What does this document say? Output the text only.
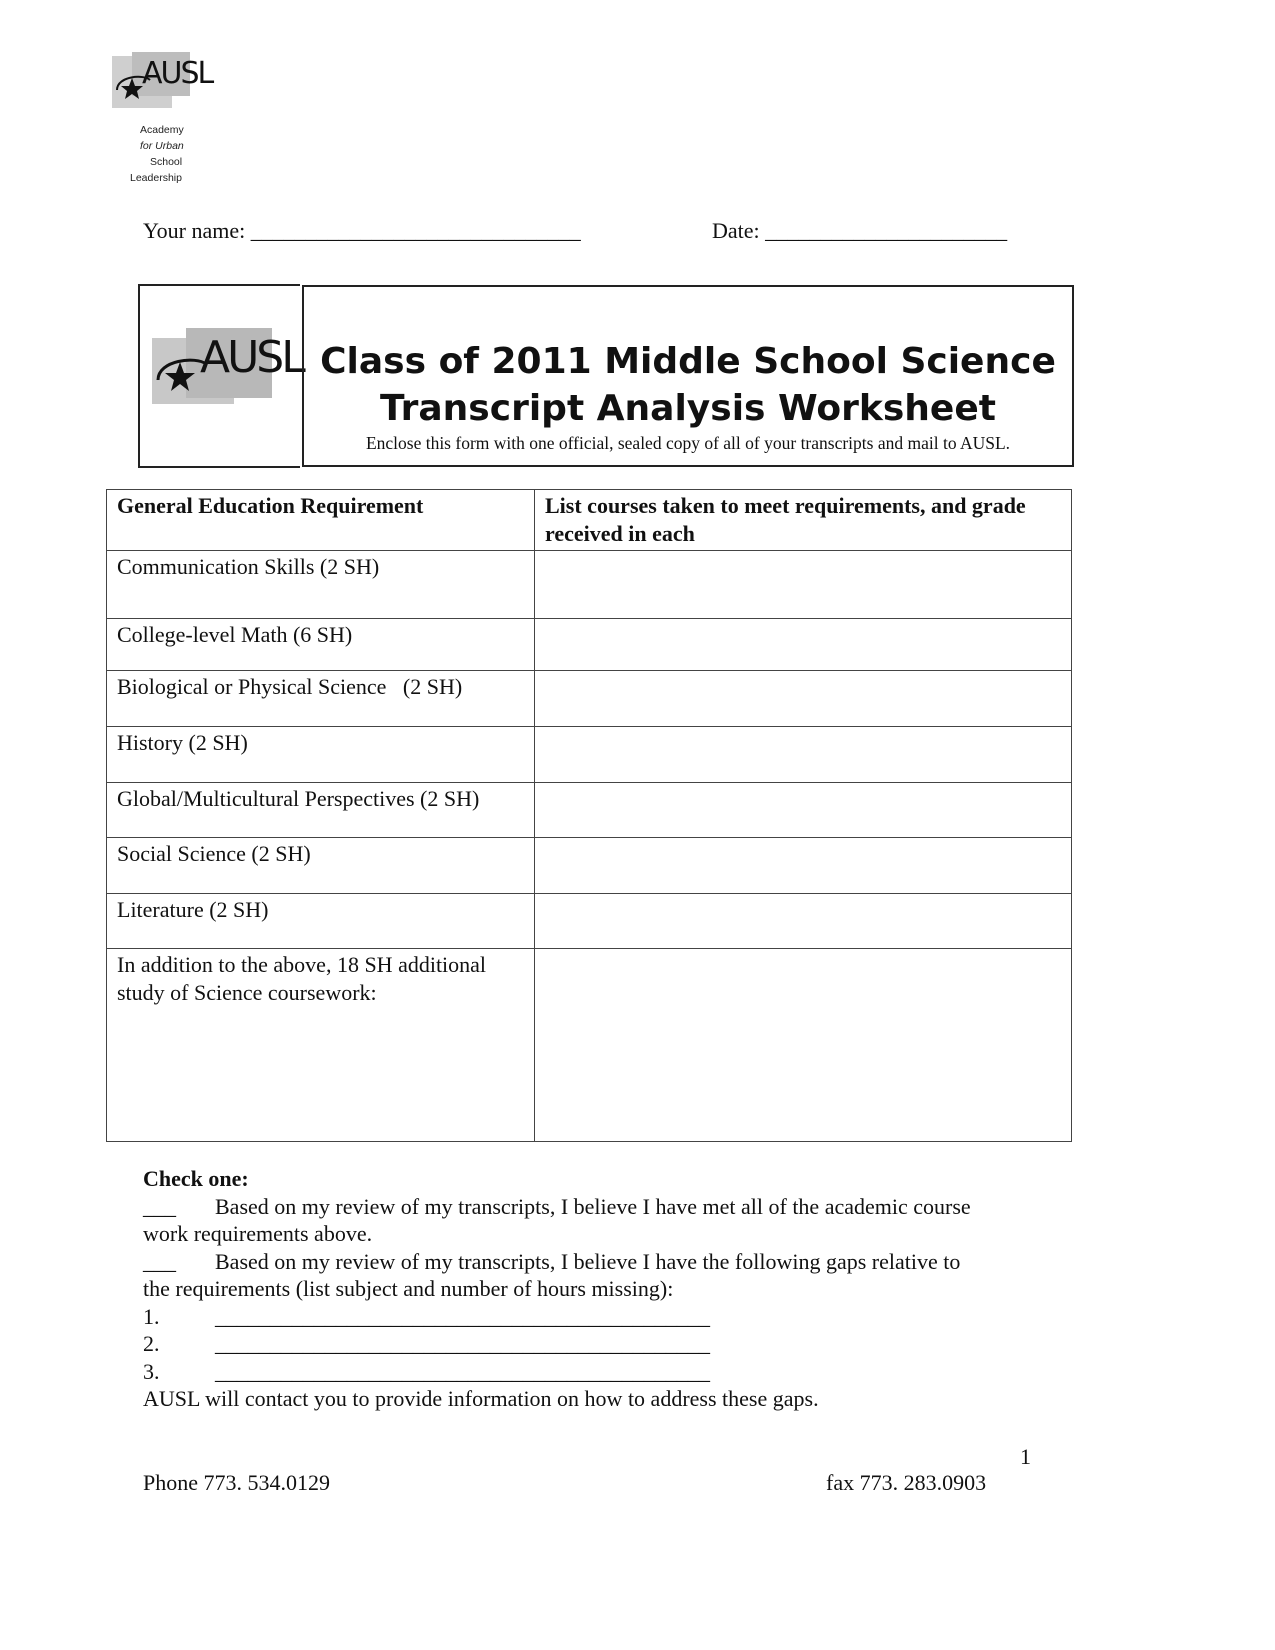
AUSL
Academy
for Urban
School
Leadership
Your name: ______________________________	Date: ______________________
AUSL Class of 2011 Middle School Science
Transcript Analysis Worksheet
Enclose this form with one official, sealed copy of all of your transcripts and mail to AUSL.
General Education Requirement	List courses taken to meet requirements, and grade received in each
Communication Skills (2 SH)	
College-level Math (6 SH)	
Biological or Physical Science   (2 SH)	
History (2 SH)	
Global/Multicultural Perspectives (2 SH)	
Social Science (2 SH)	
Literature (2 SH)	
In addition to the above, 18 SH additional study of Science coursework:	
Check one:
___ Based on my review of my transcripts, I believe I have met all of the academic course
work requirements above.
___ Based on my review of my transcripts, I believe I have the following gaps relative to
the requirements (list subject and number of hours missing):
1.	_____________________________________________
2.	_____________________________________________
3.	_____________________________________________
AUSL will contact you to provide information on how to address these gaps.
1
Phone 773. 534.0129	fax 773. 283.0903
